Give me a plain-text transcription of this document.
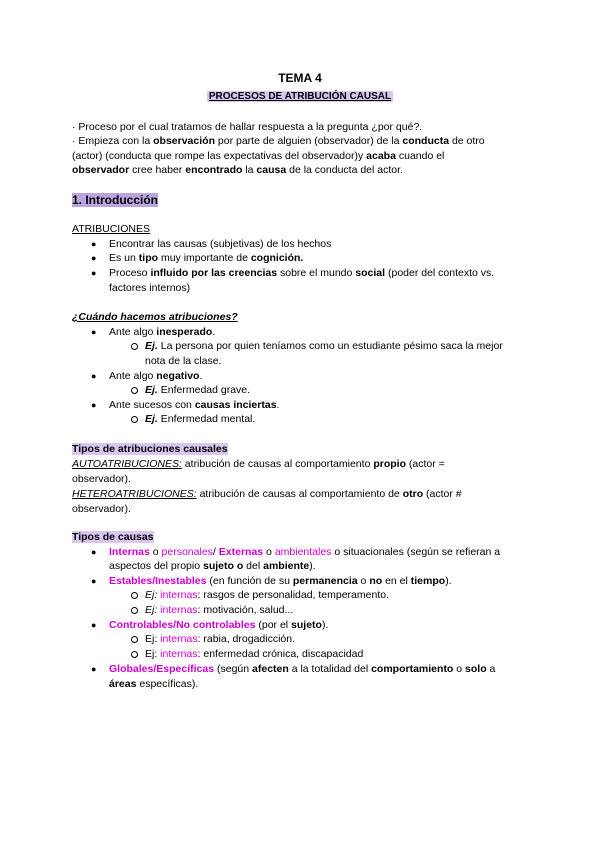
TEMA 4
PROCESOS DE ATRIBUCIÓN CAUSAL
· Proceso por el cual tratamos de hallar respuesta a la pregunta ¿por qué?.
· Empieza con la observación por parte de alguien (observador) de la conducta de otro
(actor) (conducta que rompe las expectativas del observador)y acaba cuando el
observador cree haber encontrado la causa de la conducta del actor.
1. Introducción
ATRIBUCIONES
● Encontrar las causas (subjetivas) de los hechos
● Es un tipo muy importante de cognición.
● Proceso influido por las creencias sobre el mundo social (poder del contexto vs.
factores internos)
¿Cuándo hacemos atribuciones?
● Ante algo inesperado.
Ej. La persona por quien teníamos como un estudiante pésimo saca la mejor
nota de la clase.
● Ante algo negativo.
Ej. Enfermedad grave.
● Ante sucesos con causas inciertas.
Ej. Enfermedad mental.
Tipos de atribuciones causales
AUTOATRIBUCIONES: atribución de causas al comportamiento propio (actor =
observador).
HETEROATRIBUCIONES: atribución de causas al comportamiento de otro (actor #
observador).
Tipos de causas
● Internas o personales/ Externas o ambientales o situacionales (según se refieran a
aspectos del propio sujeto o del ambiente).
● Estables/Inestables (en función de su permanencia o no en el tiempo).
Ej: internas: rasgos de personalidad, temperamento.
Ej: internas: motivación, salud...
● Controlables/No controlables (por el sujeto).
Ej: internas: rabia, drogadicción.
Ej: internas: enfermedad crónica, discapacidad
● Globales/Específicas (según afecten a la totalidad del comportamiento o solo a
áreas específicas).
